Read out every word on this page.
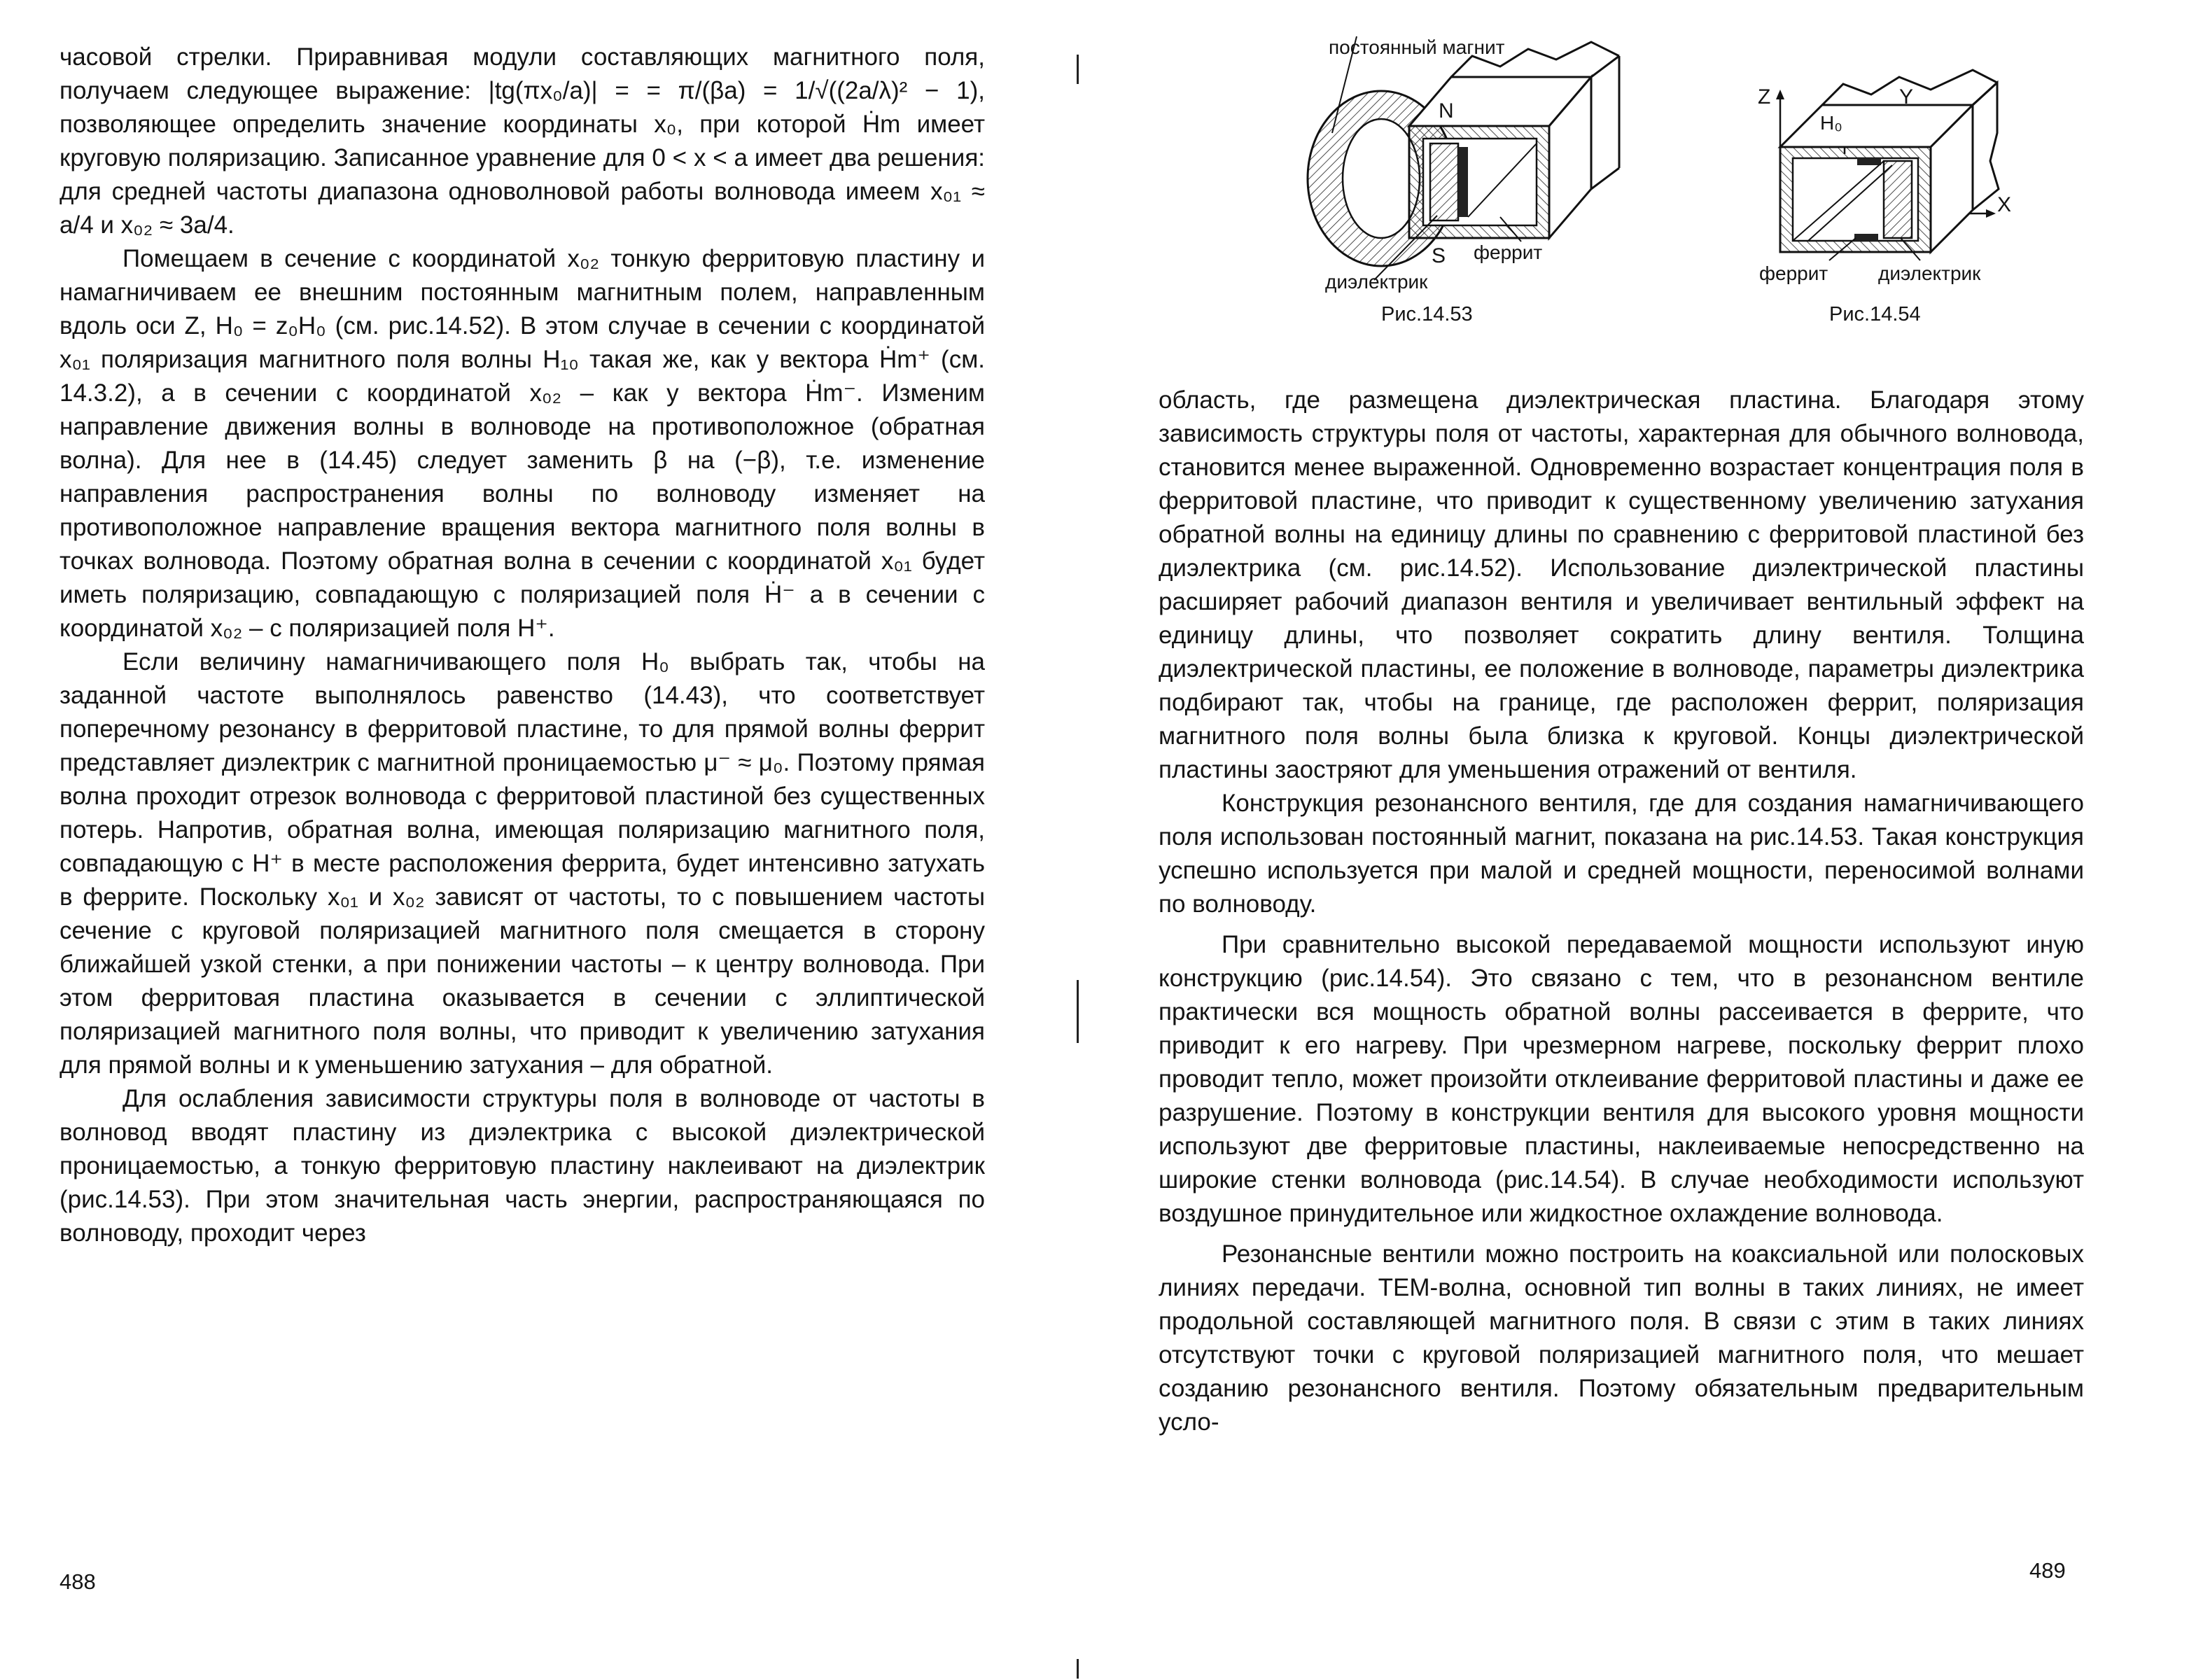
часовой стрелки. Приравнивая модули составляющих магнитного поля, получаем следующее выражение: |tg(πx₀/a)| = = π/(βa) = 1/√((2a/λ)² − 1), позволяющее определить значение координаты x₀, при которой Ḣm имеет круговую поляризацию. Записанное уравнение для 0 < x < a имеет два решения: для средней частоты диапазона одноволновой работы волновода имеем x₀₁ ≈ a/4 и x₀₂ ≈ 3a/4.

Помещаем в сечение с координатой x₀₂ тонкую ферритовую пластину и намагничиваем ее внешним постоянным магнитным полем, направленным вдоль оси Z, H₀ = z₀H₀ (см. рис.14.52). В этом случае в сечении с координатой x₀₁ поляризация магнитного поля волны H₁₀ такая же, как у вектора Ḣm⁺ (см. 14.3.2), а в сечении с координатой x₀₂ – как у вектора Ḣm⁻. Изменим направление движения волны в волноводе на противоположное (обратная волна). Для нее в (14.45) следует заменить β на (−β), т.е. изменение направления распространения волны по волноводу изменяет на противоположное направление вращения вектора магнитного поля волны в точках волновода. Поэтому обратная волна в сечении с координатой x₀₁ будет иметь поляризацию, совпадающую с поляризацией поля Ḣ⁻ а в сечении с координатой x₀₂ – с поляризацией поля H⁺.

Если величину намагничивающего поля H₀ выбрать так, чтобы на заданной частоте выполнялось равенство (14.43), что соответствует поперечному резонансу в ферритовой пластине, то для прямой волны феррит представляет диэлектрик с магнитной проницаемостью μ⁻ ≈ μ₀. Поэтому прямая волна проходит отрезок волновода с ферритовой пластиной без существенных потерь. Напротив, обратная волна, имеющая поляризацию магнитного поля, совпадающую с H⁺ в месте расположения феррита, будет интенсивно затухать в феррите. Поскольку x₀₁ и x₀₂ зависят от частоты, то с повышением частоты сечение с круговой поляризацией магнитного поля смещается в сторону ближайшей узкой стенки, а при понижении частоты – к центру волновода. При этом ферритовая пластина оказывается в сечении с эллиптической поляризацией магнитного поля волны, что приводит к увеличению затухания для прямой волны и к уменьшению затухания – для обратной.

Для ослабления зависимости структуры поля в волноводе от частоты в волновод вводят пластину из диэлектрика с высокой диэлектрической проницаемостью, а тонкую ферритовую пластину наклеивают на диэлектрик (рис.14.53). При этом значительная часть энергии, распространяющаяся по волноводу, проходит через

488
постоянный магнит
N
S феррит
диэлектрик
Рис.14.53
Z	Y
X
H₀
феррит	диэлектрик
Рис.14.54

область, где размещена диэлектрическая пластина. Благодаря этому зависимость структуры поля от частоты, характерная для обычного волновода, становится менее выраженной. Одновременно возрастает концентрация поля в ферритовой пластине, что приводит к существенному увеличению затухания обратной волны на единицу длины по сравнению с ферритовой пластиной без диэлектрика (см. рис.14.52). Использование диэлектрической пластины расширяет рабочий диапазон вентиля и увеличивает вентильный эффект на единицу длины, что позволяет сократить длину вентиля. Толщина диэлектрической пластины, ее положение в волноводе, параметры диэлектрика подбирают так, чтобы на границе, где расположен феррит, поляризация магнитного поля волны была близка к круговой. Концы диэлектрической пластины заостряют для уменьшения отражений от вентиля.

Конструкция резонансного вентиля, где для создания намагничивающего поля использован постоянный магнит, показана на рис.14.53. Такая конструкция успешно используется при малой и средней мощности, переносимой волнами по волноводу.

При сравнительно высокой передаваемой мощности используют иную конструкцию (рис.14.54). Это связано с тем, что в резонансном вентиле практически вся мощность обратной волны рассеивается в феррите, что приводит к его нагреву. При чрезмерном нагреве, поскольку феррит плохо проводит тепло, может произойти отклеивание ферритовой пластины и даже ее разрушение. Поэтому в конструкции вентиля для высокого уровня мощности используют две ферритовые пластины, наклеиваемые непосредственно на широкие стенки волновода (рис.14.54). В случае необходимости используют воздушное принудительное или жидкостное охлаждение волновода.

Резонансные вентили можно построить на коаксиальной или полосковых линиях передачи. TEM-волна, основной тип волны в таких линиях, не имеет продольной составляющей магнитного поля. В связи с этим в таких линиях отсутствуют точки с круговой поляризацией магнитного поля, что мешает созданию резонансного вентиля. Поэтому обязательным предварительным усло-

489
